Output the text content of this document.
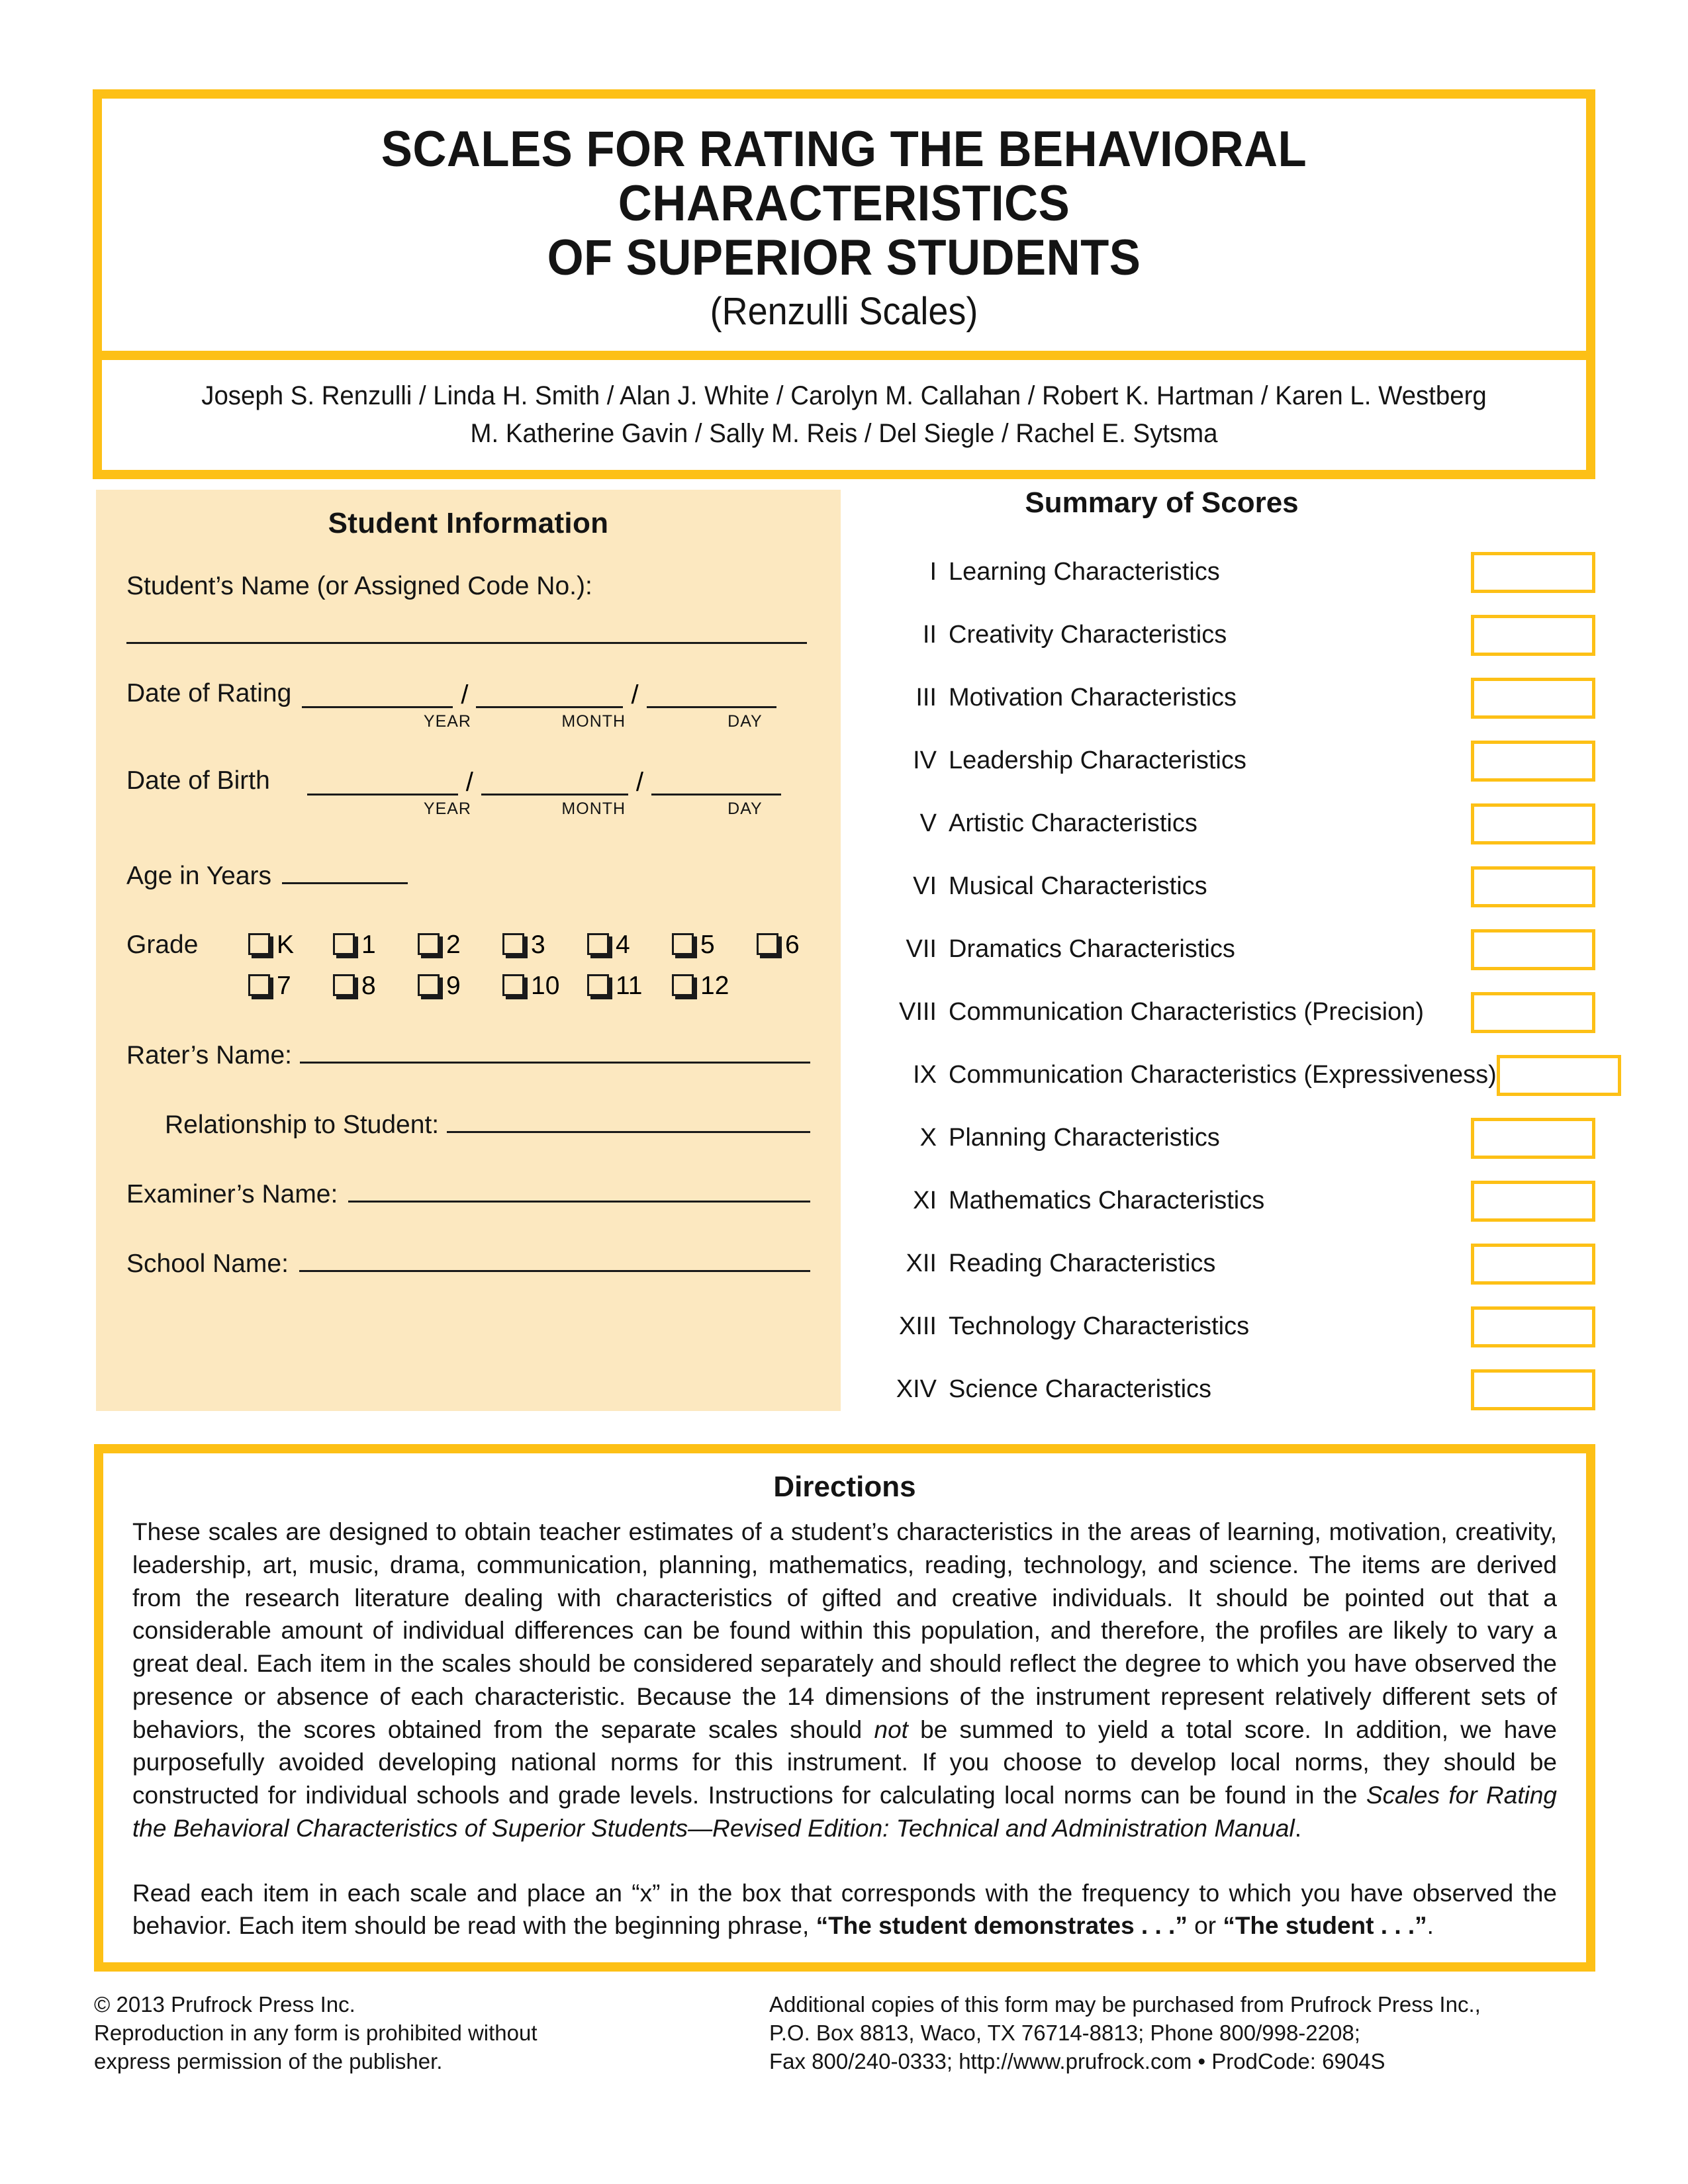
SCALES FOR RATING THE BEHAVIORAL CHARACTERISTICS
OF SUPERIOR STUDENTS
(Renzulli Scales)
Joseph S. Renzulli / Linda H. Smith / Alan J. White / Carolyn M. Callahan / Robert K. Hartman / Karen L. Westberg
M. Katherine Gavin / Sally M. Reis / Del Siegle / Rachel E. Sytsma
Student Information
Student’s Name (or Assigned Code No.):
Date of Rating	/	/
YEAR	MONTH	DAY
Date of Birth	/	/
YEAR	MONTH	DAY
Age in Years
Grade	K	1	2	3	4	5	6
7	8	9	10 11 12
Rater’s Name:
Relationship to Student:
Examiner’s Name:
School Name:
Summary of Scores
I Learning Characteristics
II Creativity Characteristics
III Motivation Characteristics
IV Leadership Characteristics
V Artistic Characteristics
VI Musical Characteristics
VII Dramatics Characteristics
VIII Communication Characteristics (Precision)
IX Communication Characteristics (Expressiveness)
X Planning Characteristics
XI Mathematics Characteristics
XII Reading Characteristics
XIII Technology Characteristics
XIV Science Characteristics
Directions

These scales are designed to obtain teacher estimates of a student’s characteristics in the areas of learning, motivation, creativity, leadership, art, music, drama, communication, planning, mathematics, reading, technology, and science. The items are derived from the research literature dealing with characteristics of gifted and creative individuals. It should be pointed out that a considerable amount of individual differences can be found within this population, and therefore, the profiles are likely to vary a great deal. Each item in the scales should be considered separately and should reflect the degree to which you have observed the presence or absence of each characteristic. Because the 14 dimensions of the instrument represent relatively different sets of behaviors, the scores obtained from the separate scales should not be summed to yield a total score. In addition, we have purposefully avoided developing national norms for this instrument. If you choose to develop local norms, they should be constructed for individual schools and grade levels. Instructions for calculating local norms can be found in the Scales for Rating the Behavioral Characteristics of Superior Students—Revised Edition: Technical and Administration Manual.

Read each item in each scale and place an “x” in the box that corresponds with the frequency to which you have observed the behavior. Each item should be read with the beginning phrase, “The student demonstrates . . .” or “The student . . .”.

© 2013 Prufrock Press Inc.
Reproduction in any form is prohibited without
express permission of the publisher.
Additional copies of this form may be purchased from Prufrock Press Inc.,
P.O. Box 8813, Waco, TX 76714-8813; Phone 800/998-2208;
Fax 800/240-0333; http://www.prufrock.com • ProdCode: 6904S
